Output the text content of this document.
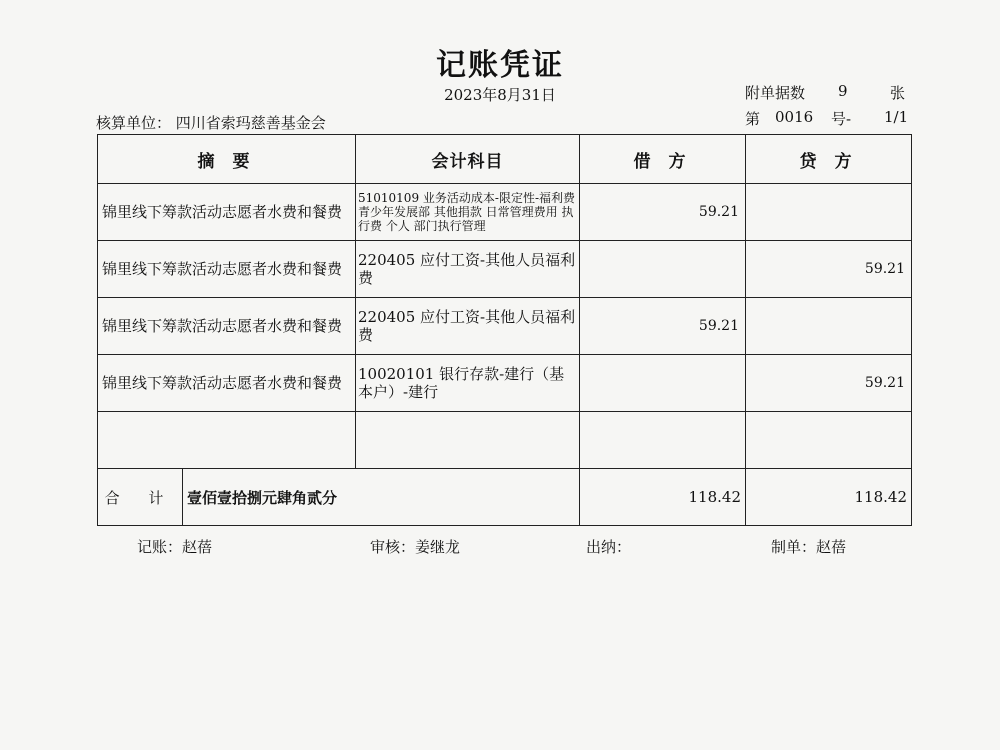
记账凭证
2023年8月31日
核算单位： 四川省索玛慈善基金会
附单据数 9	张
第 0016 号- 1/1
摘 要	会计科目	借 方	贷 方
锦里线下筹款活动志愿者水费和餐费	51010109 业务活动成本-限定性-福利费 青少年发展部 其他捐款 日常管理费用 执行费 个人 部门执行管理	59.21	
锦里线下筹款活动志愿者水费和餐费	220405 应付工资-其他人员福利费		59.21
锦里线下筹款活动志愿者水费和餐费	220405 应付工资-其他人员福利费	59.21	
锦里线下筹款活动志愿者水费和餐费	10020101 银行存款-建行（基本户）-建行		59.21

合 计 壹佰壹拾捌元肆角贰分		118.42	118.42
记账：赵蓓	审核：姜继龙	出纳：	制单：赵蓓
